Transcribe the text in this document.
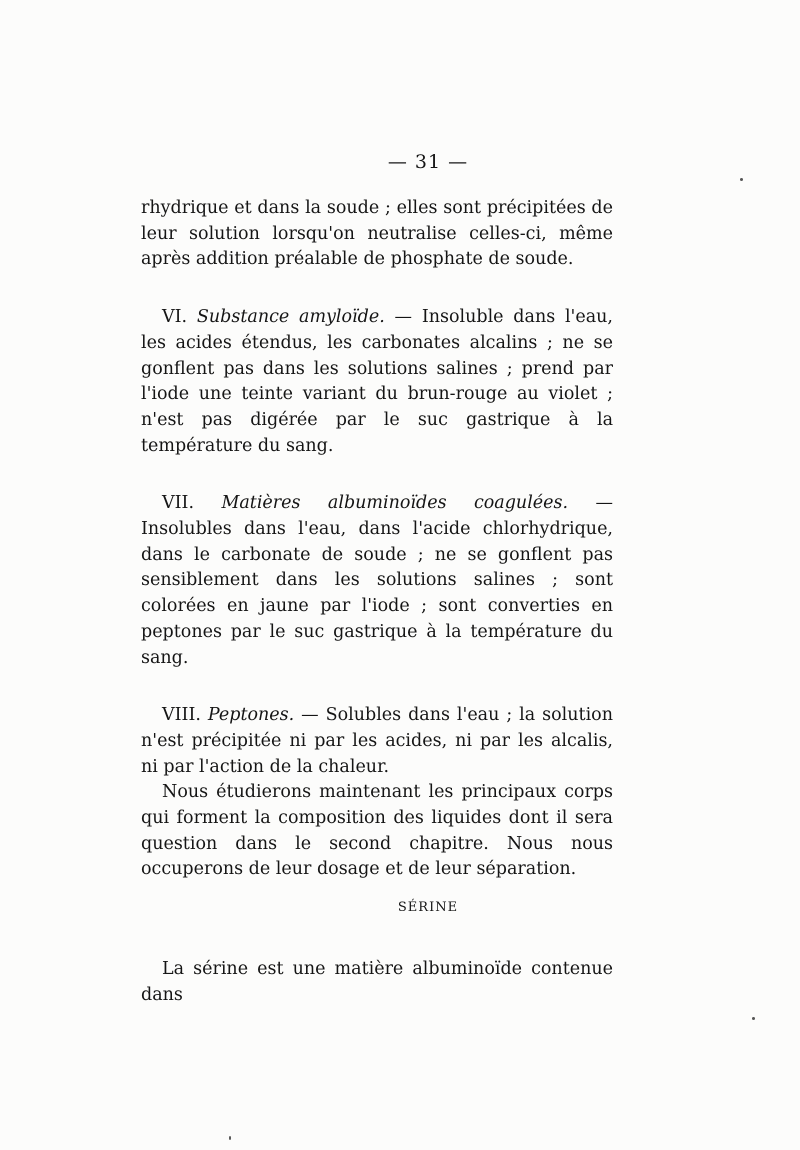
— 31 —

rhydrique et dans la soude ; elles sont précipitées de leur solution lorsqu'on neutralise celles-ci, même après addition préalable de phosphate de soude.

VI. Substance amyloïde. — Insoluble dans l'eau, les acides étendus, les carbonates alcalins ; ne se gonflent pas dans les solutions salines ; prend par l'iode une teinte variant du brun-rouge au violet ; n'est pas digérée par le suc gastrique à la température du sang.

VII. Matières albuminoïdes coagulées. — Insolubles dans l'eau, dans l'acide chlorhydrique, dans le carbonate de soude ; ne se gonflent pas sensiblement dans les solutions salines ; sont colorées en jaune par l'iode ; sont converties en peptones par le suc gastrique à la température du sang.

VIII. Peptones. — Solubles dans l'eau ; la solution n'est précipitée ni par les acides, ni par les alcalis, ni par l'action de la chaleur.

Nous étudierons maintenant les principaux corps qui forment la composition des liquides dont il sera question dans le second chapitre. Nous nous occuperons de leur dosage et de leur séparation.

SÉRINE
La sérine est une matière albuminoïde contenue dans
